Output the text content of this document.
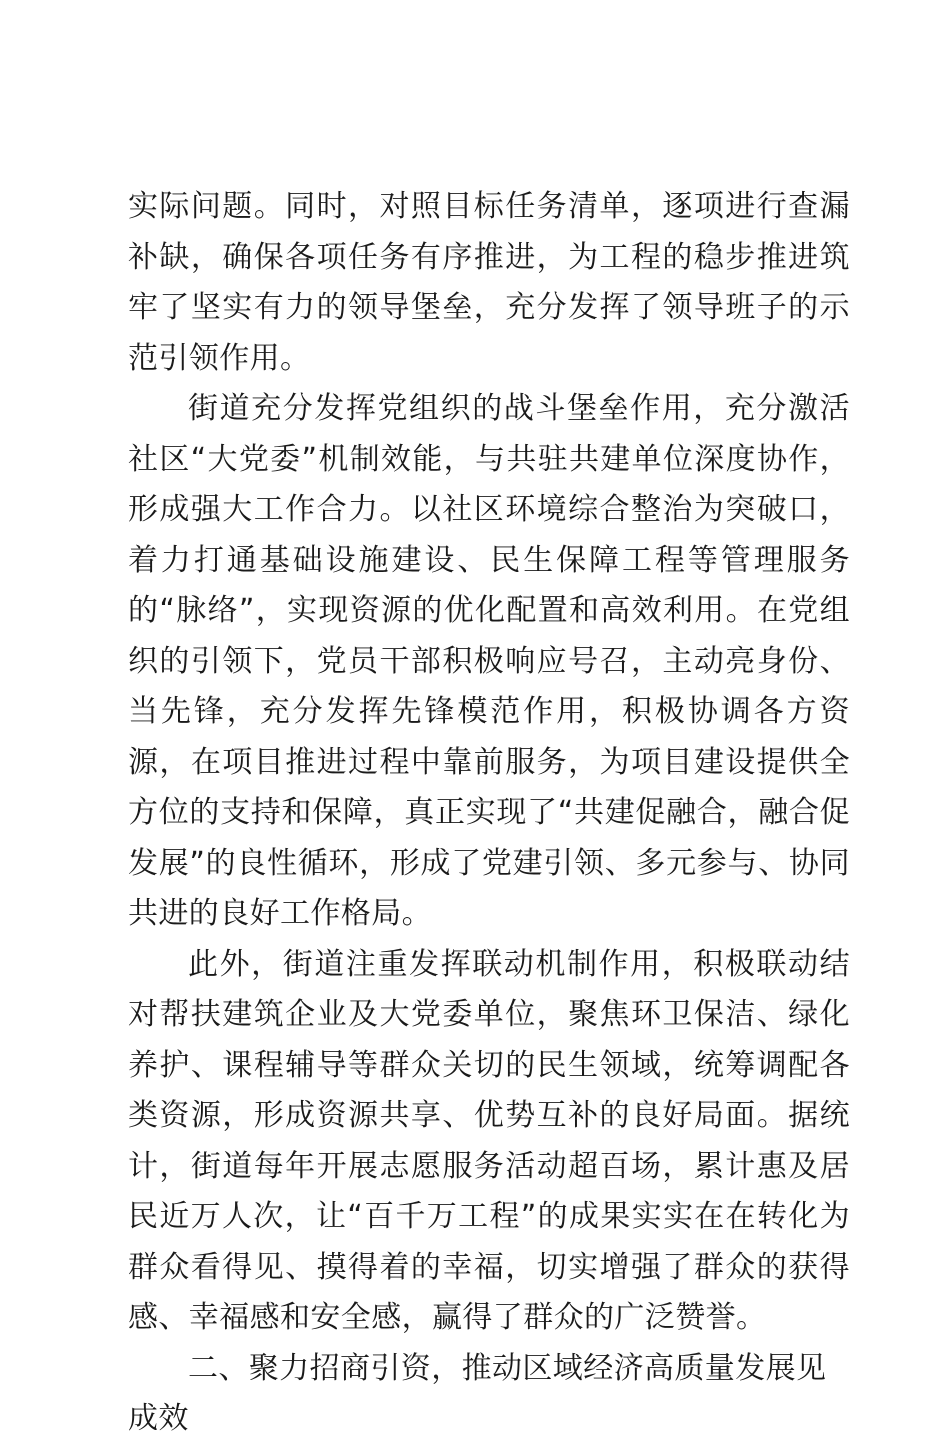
实际问题。同时，对照目标任务清单，逐项进行查漏补缺，确保各项任务有序推进，为工程的稳步推进筑牢了坚实有力的领导堡垒，充分发挥了领导班子的示范引领作用。

街道充分发挥党组织的战斗堡垒作用，充分激活社区“大党委”机制效能，与共驻共建单位深度协作，形成强大工作合力。以社区环境综合整治为突破口，着力打通基础设施建设、民生保障工程等管理服务的“脉络”，实现资源的优化配置和高效利用。在党组织的引领下，党员干部积极响应号召，主动亮身份、当先锋，充分发挥先锋模范作用，积极协调各方资源，在项目推进过程中靠前服务，为项目建设提供全方位的支持和保障，真正实现了“共建促融合，融合促发展”的良性循环，形成了党建引领、多元参与、协同共进的良好工作格局。

此外，街道注重发挥联动机制作用，积极联动结对帮扶建筑企业及大党委单位，聚焦环卫保洁、绿化养护、课程辅导等群众关切的民生领域，统筹调配各类资源，形成资源共享、优势互补的良好局面。据统计，街道每年开展志愿服务活动超百场，累计惠及居民近万人次，让“百千万工程”的成果实实在在转化为群众看得见、摸得着的幸福，切实增强了群众的获得感、幸福感和安全感，赢得了群众的广泛赞誉。

二、聚力招商引资，推动区域经济高质量发展见成效
